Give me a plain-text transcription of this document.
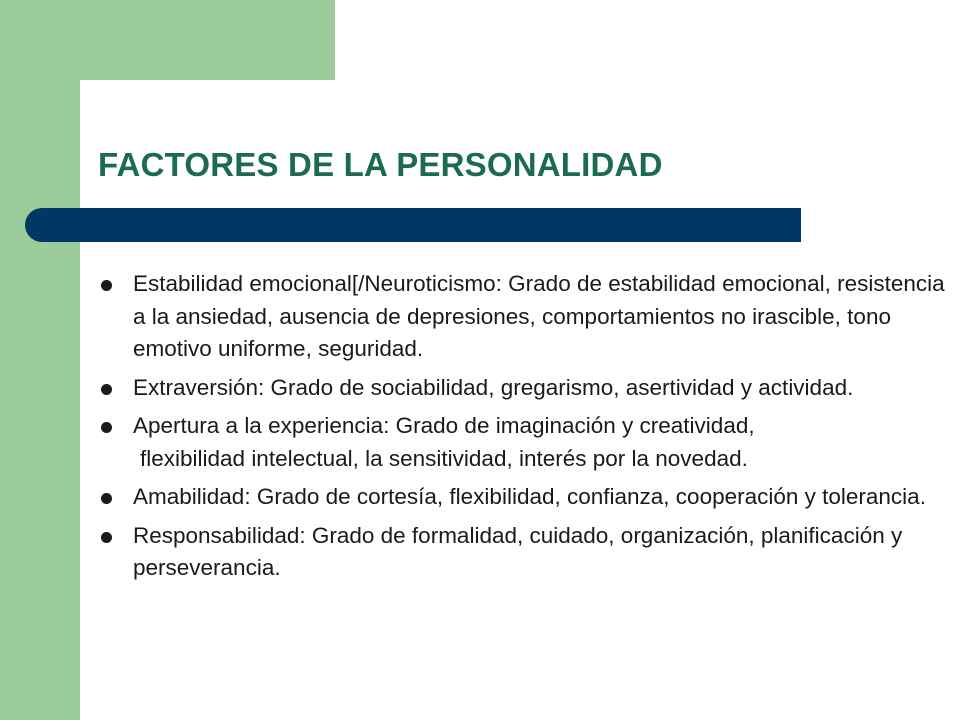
FACTORES DE LA PERSONALIDAD
Estabilidad emocional[/Neuroticismo: Grado de estabilidad emocional, resistencia a la ansiedad, ausencia de depresiones, comportamientos no irascible, tono emotivo uniforme, seguridad.
Extraversión: Grado de sociabilidad, gregarismo, asertividad y actividad.
Apertura a la experiencia: Grado de imaginación y creatividad,
flexibilidad intelectual, la sensitividad, interés por la novedad.
Amabilidad: Grado de cortesía, flexibilidad, confianza, cooperación y tolerancia.
Responsabilidad: Grado de formalidad, cuidado, organización, planificación y perseverancia.
